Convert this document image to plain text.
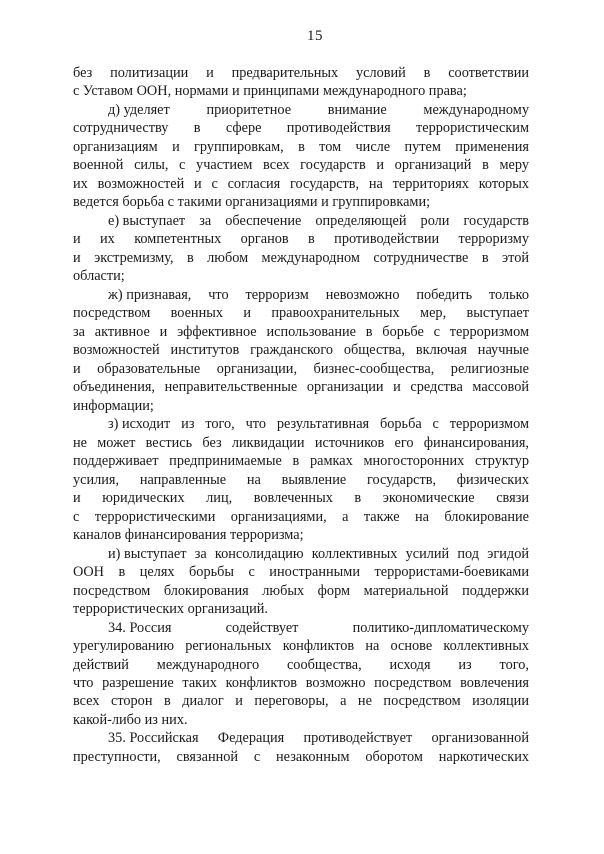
15
без политизации и предварительных условий в соответствии
с Уставом ООН, нормами и принципами международного права;
д) уделяет приоритетное внимание международному
сотрудничеству в сфере противодействия террористическим
организациям и группировкам, в том числе путем применения
военной силы, с участием всех государств и организаций в меру
их возможностей и с согласия государств, на территориях которых
ведется борьба с такими организациями и группировками;
е) выступает за обеспечение определяющей роли государств
и их компетентных органов в противодействии терроризму
и экстремизму, в любом международном сотрудничестве в этой
области;
ж) признавая, что терроризм невозможно победить только
посредством военных и правоохранительных мер, выступает
за активное и эффективное использование в борьбе с терроризмом
возможностей институтов гражданского общества, включая научные
и образовательные организации, бизнес-сообщества, религиозные
объединения, неправительственные организации и средства массовой
информации;
з) исходит из того, что результативная борьба с терроризмом
не может вестись без ликвидации источников его финансирования,
поддерживает предпринимаемые в рамках многосторонних структур
усилия, направленные на выявление государств, физических
и юридических лиц, вовлеченных в экономические связи
с террористическими организациями, а также на блокирование
каналов финансирования терроризма;
и) выступает за консолидацию коллективных усилий под эгидой
ООН в целях борьбы с иностранными террористами-боевиками
посредством блокирования любых форм материальной поддержки
террористических организаций.
34. Россия содействует политико-дипломатическому
урегулированию региональных конфликтов на основе коллективных
действий международного сообщества, исходя из того,
что разрешение таких конфликтов возможно посредством вовлечения
всех сторон в диалог и переговоры, а не посредством изоляции
какой-либо из них.
35. Российская Федерация противодействует организованной
преступности, связанной с незаконным оборотом наркотических
